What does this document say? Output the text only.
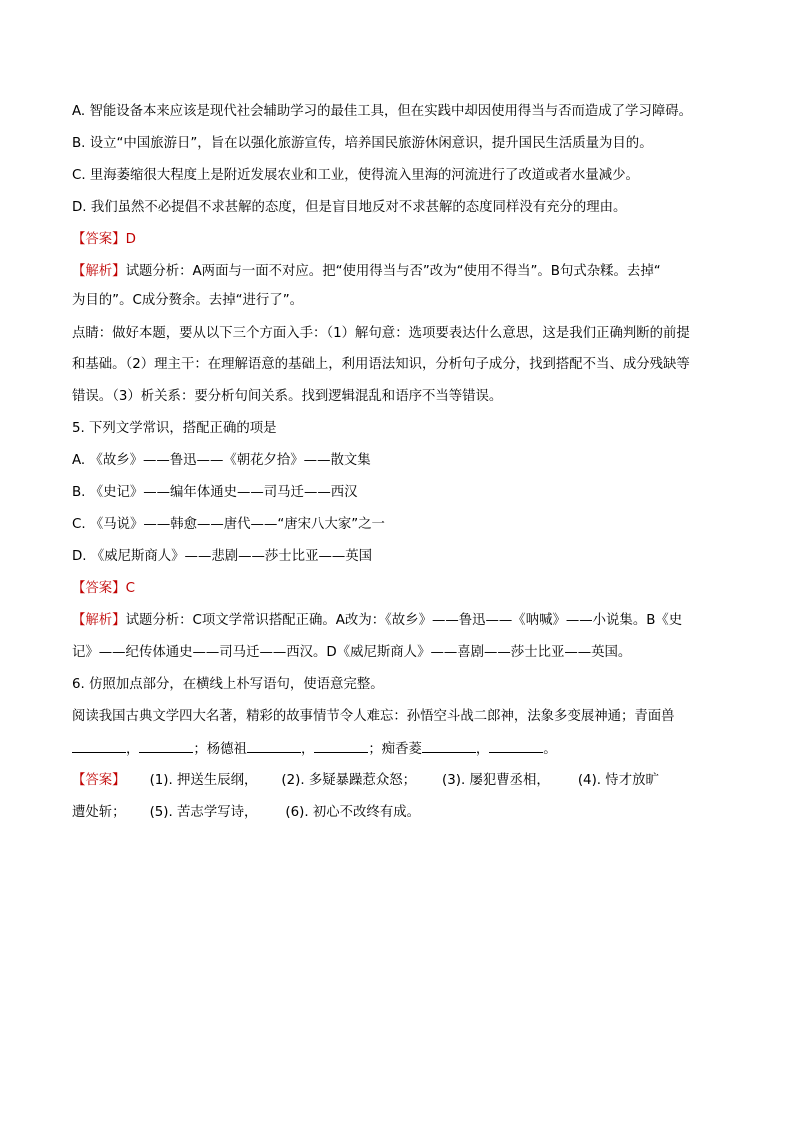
A. 智能设备本来应该是现代社会辅助学习的最佳工具，但在实践中却因使用得当与否而造成了学习障碍。
B. 设立“中国旅游日”，旨在以强化旅游宣传，培养国民旅游休闲意识，提升国民生活质量为目的。
C. 里海萎缩很大程度上是附近发展农业和工业，使得流入里海的河流进行了改道或者水量减少。
D. 我们虽然不必提倡不求甚解的态度，但是盲目地反对不求甚解的态度同样没有充分的理由。
【答案】D
【解析】试题分析：A两面与一面不对应。把“使用得当与否”改为“使用不得当”。B句式杂糅。去掉“
为目的”。C成分赘余。去掉“进行了”。
点睛：做好本题，要从以下三个方面入手：（1）解句意：选项要表达什么意思，这是我们正确判断的前提
和基础。（2）理主干：在理解语意的基础上，利用语法知识，分析句子成分，找到搭配不当、成分残缺等
错误。（3）析关系：要分析句间关系。找到逻辑混乱和语序不当等错误。
5. 下列文学常识，搭配正确的项是
A. 《故乡》——鲁迅——《朝花夕拾》——散文集
B. 《史记》——编年体通史——司马迁——西汉
C. 《马说》——韩愈——唐代——“唐宋八大家”之一
D. 《威尼斯商人》——悲剧——莎士比亚——英国
【答案】C
【解析】试题分析：C项文学常识搭配正确。A改为：《故乡》——鲁迅——《呐喊》——小说集。B《史
记》——纪传体通史——司马迁——西汉。D《威尼斯商人》——喜剧——莎士比亚——英国。
6. 仿照加点部分，在横线上朴写语句，使语意完整。
阅读我国古典文学四大名著，精彩的故事情节令人难忘：孙悟空斗战二郎神，法象多变展神通；青面兽
，	；杨德祖	，	；痴香菱	，	。
【答案】 (1). 押送生辰纲， (2). 多疑暴躁惹众怒； (3). 屡犯曹丞相， (4). 恃才放旷
遭处斩； (5). 苦志学写诗， (6). 初心不改终有成。
